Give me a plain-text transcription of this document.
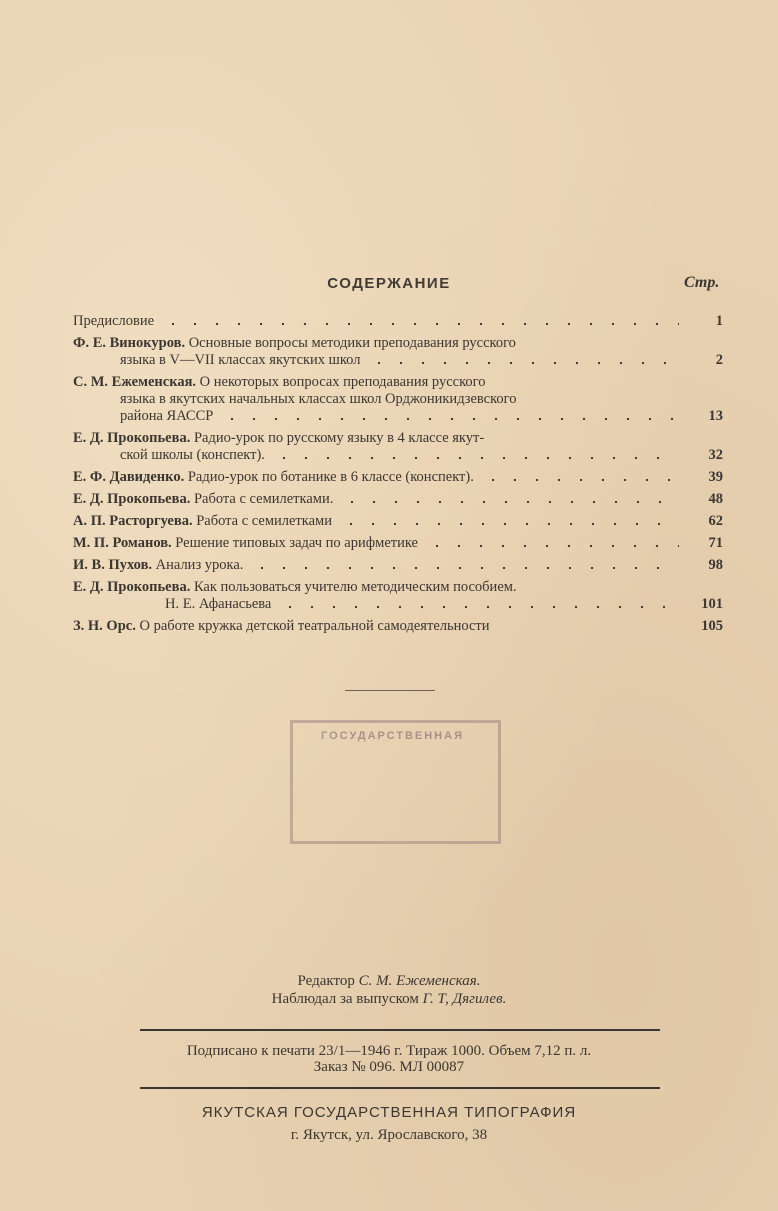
СОДЕРЖАНИЕ	Стр.
Предисловие	1
Ф. Е. Винокуров.
Основные вопросы методики преподавания русского
языка в V—VII классах якутских школ	2
С. М. Ежеменская.
О некоторых вопросах преподавания русского
языка в якутских начальных классах школ Орджоникидзевского
района ЯАССР	13
Е. Д. Прокопьева.
Радио-урок по русскому языку в 4 классе якут-
ской школы (конспект).	32
Е. Ф. Давиденко.
Радио-урок по ботанике в 6 классе (конспект).	39
Е. Д. Прокопьева.
Работа с семилетками.	48
А. П. Расторгуева.
Работа с семилетками	62
М. П. Романов.
Решение типовых задач по арифметике	71
И. В. Пухов.
Анализ урока.	98
Е. Д. Прокопьева.
Как пользоваться учителю методическим пособием.
Н. Е. Афанасьева	101
З. Н. Орс.
О работе кружка детской театральной самодеятельности	105
ГОСУДАРСТВЕННАЯ
Редактор С. М. Ежеменская.
Наблюдал за выпуском Г. Т, Дягилев.
Подписано к печати 23/1—1946 г. Тираж 1000. Объем 7,12 п. л.
Заказ № 096. МЛ 00087
ЯКУТСКАЯ ГОСУДАРСТВЕННАЯ ТИПОГРАФИЯ
г. Якутск, ул. Ярославского, 38
